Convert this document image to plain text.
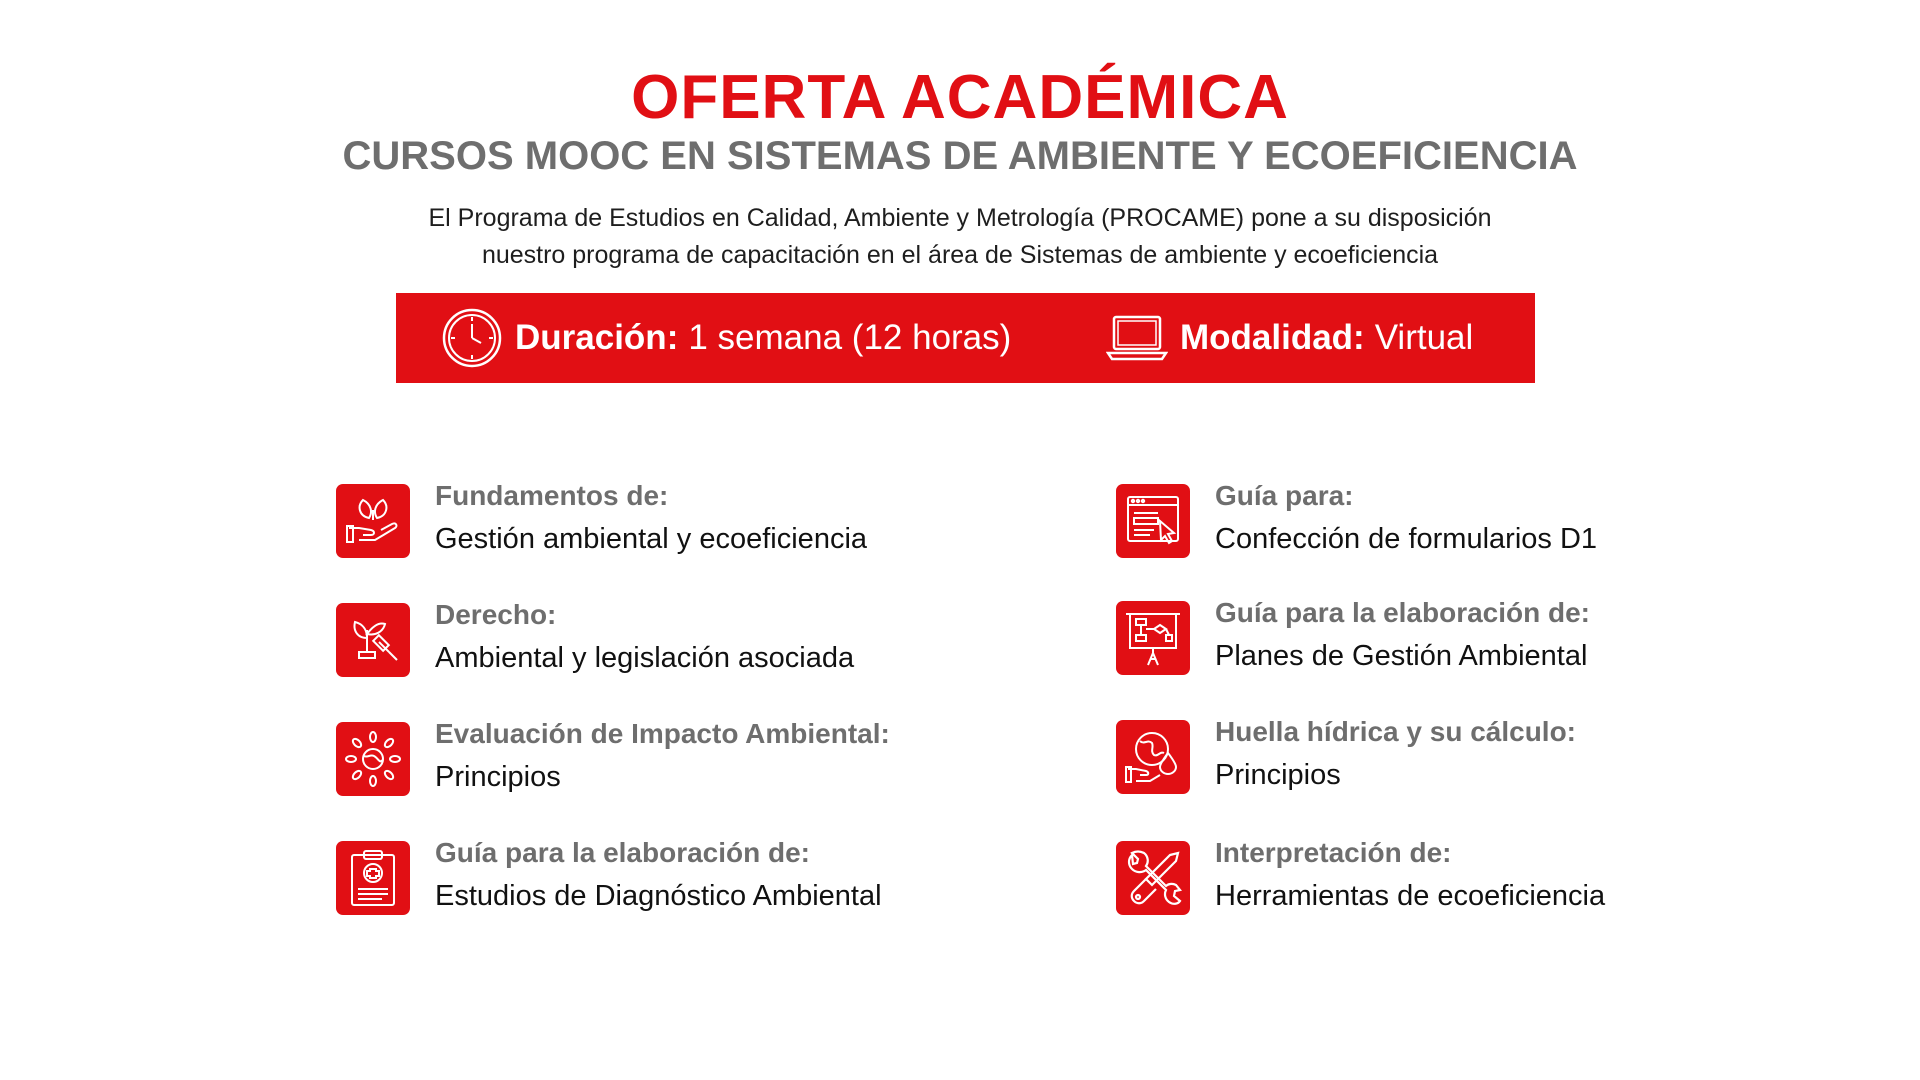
OFERTA ACADÉMICA
CURSOS MOOC EN SISTEMAS DE AMBIENTE Y ECOEFICIENCIA
El Programa de Estudios en Calidad, Ambiente y Metrología (PROCAME) pone a su disposición
nuestro programa de capacitación en el área de Sistemas de ambiente y ecoeficiencia
Duración: 1 semana (12 horas)	Modalidad: Virtual
Fundamentos de:
Gestión ambiental y ecoeficiencia
Derecho:
Ambiental y legislación asociada
Evaluación de Impacto Ambiental:
Principios
Guía para la elaboración de:
Estudios de Diagnóstico Ambiental
Guía para:
Confección de formularios D1
Guía para la elaboración de:
Planes de Gestión Ambiental
Huella hídrica y su cálculo:
Principios
Interpretación de:
Herramientas de ecoeficiencia
